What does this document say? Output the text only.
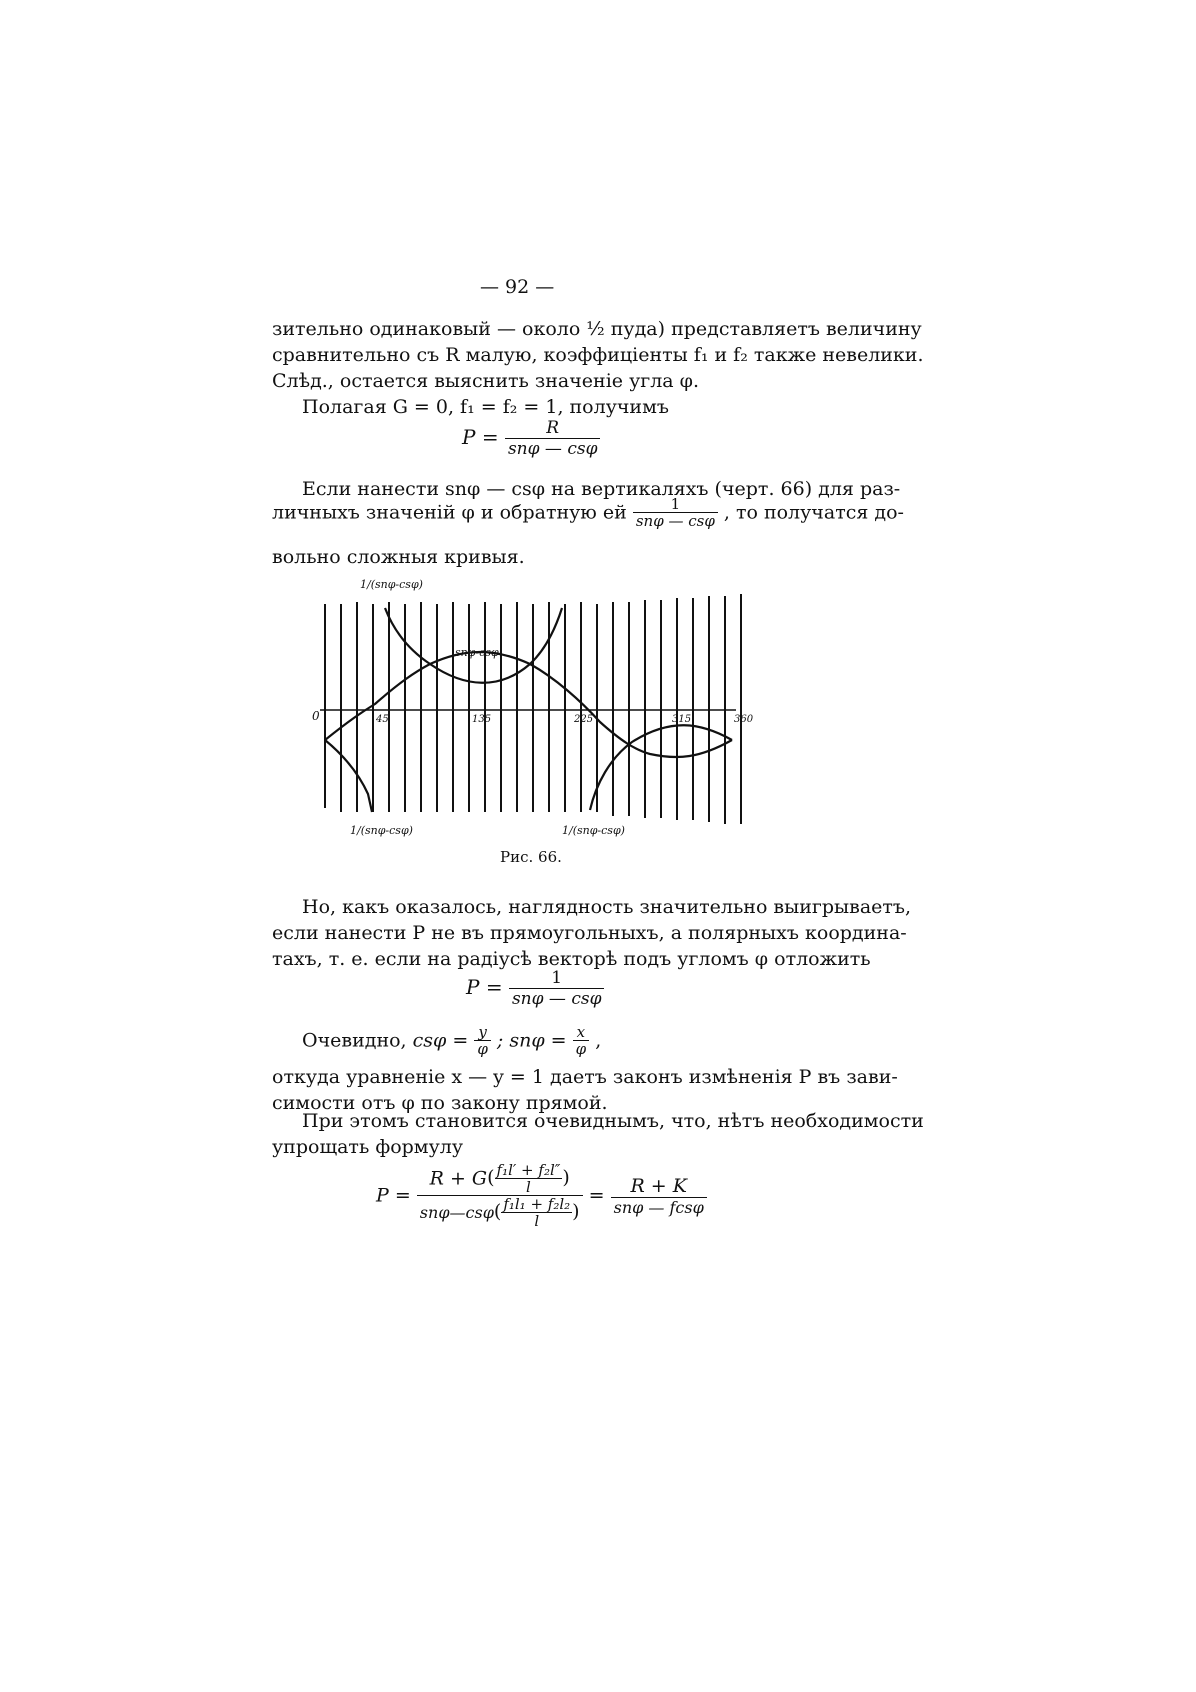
— 92 —
зительно одинаковый — около ½ пуда) представляетъ величину
сравнительно съ R малую, коэффиціенты f₁ и f₂ также невелики.
Слѣд., остается выяснить значеніе угла φ.
Полагая G = 0, f₁ = f₂ = 1, получимъ
$P = \frac{R}{\text{snφ — csφ}}$
Если нанести snφ — csφ на вертикаляхъ (черт. 66) для раз-
личныхъ значеній φ и обратную ей $\frac{1}{\text{snφ — csφ}}$ , то получатся до-
вольно сложныя кривыя.
0	45	135	225	315	360
1/(snφ-csφ)
snφ-csφ
1/(snφ-csφ)	1/(snφ-csφ)
Рис. 66.
Но, какъ оказалось, наглядность значительно выигрываетъ,
если нанести P не въ прямоугольныхъ, а полярныхъ координа-
тахъ, т. е. если на радіусѣ векторѣ подъ угломъ φ отложить
$P = \frac{1}{\text{snφ — csφ}}$
Очевидно, $cs\varphi = \frac{y}{\varphi}$ ; $sn\varphi = \frac{x}{\varphi}$ ,
откуда уравненіе x — y = 1 даетъ законъ измѣненія P въ зави-
симости отъ φ по закону прямой.
При этомъ становится очевиднымъ, что, нѣтъ необходимости
упрощать формулу
$P = \frac{R + G( \frac{\text{f₁l′ + f₂l″}}{l} )}{sn\varphi—cs\varphi( \frac{\text{f₁l₁ + f₂l₂}}{l} )} = \frac{R + K}{\text{snφ — fcsφ}}$
